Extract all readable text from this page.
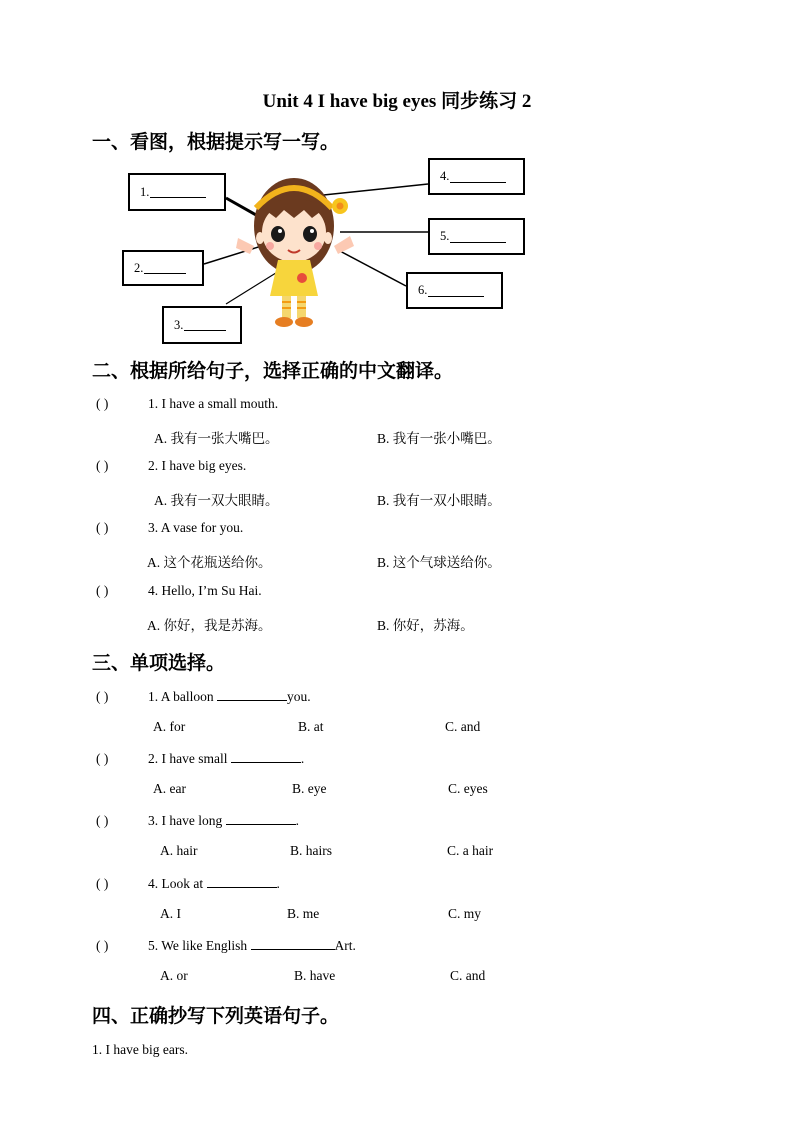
Unit 4 I have big eyes 同步练习 2
一、看图，根据提示写一写。
1.
2.
3.
4.
5.
6.
二、根据所给句子，选择正确的中文翻译。
( )	1. I have a small mouth.
A. 我有一张大嘴巴。	B. 我有一张小嘴巴。
( )	2. I have big eyes.
A. 我有一双大眼睛。	B. 我有一双小眼睛。
( )	3. A vase for you.
A. 这个花瓶送给你。	B. 这个气球送给你。
( )	4. Hello, I’m Su Hai.
A. 你好，我是苏海。	B. 你好，苏海。
三、单项选择。
( )	1. A balloon	you.
A. for	B. at	C. and
( )	2. I have small	.
A. ear	B. eye	C. eyes
( )	3. I have long	.
A. hair	B. hairs	C. a hair
( )	4. Look at	.
A. I	B. me	C. my
( )	5. We like English	Art.
A. or	B. have	C. and
四、正确抄写下列英语句子。
1. I have big ears.
